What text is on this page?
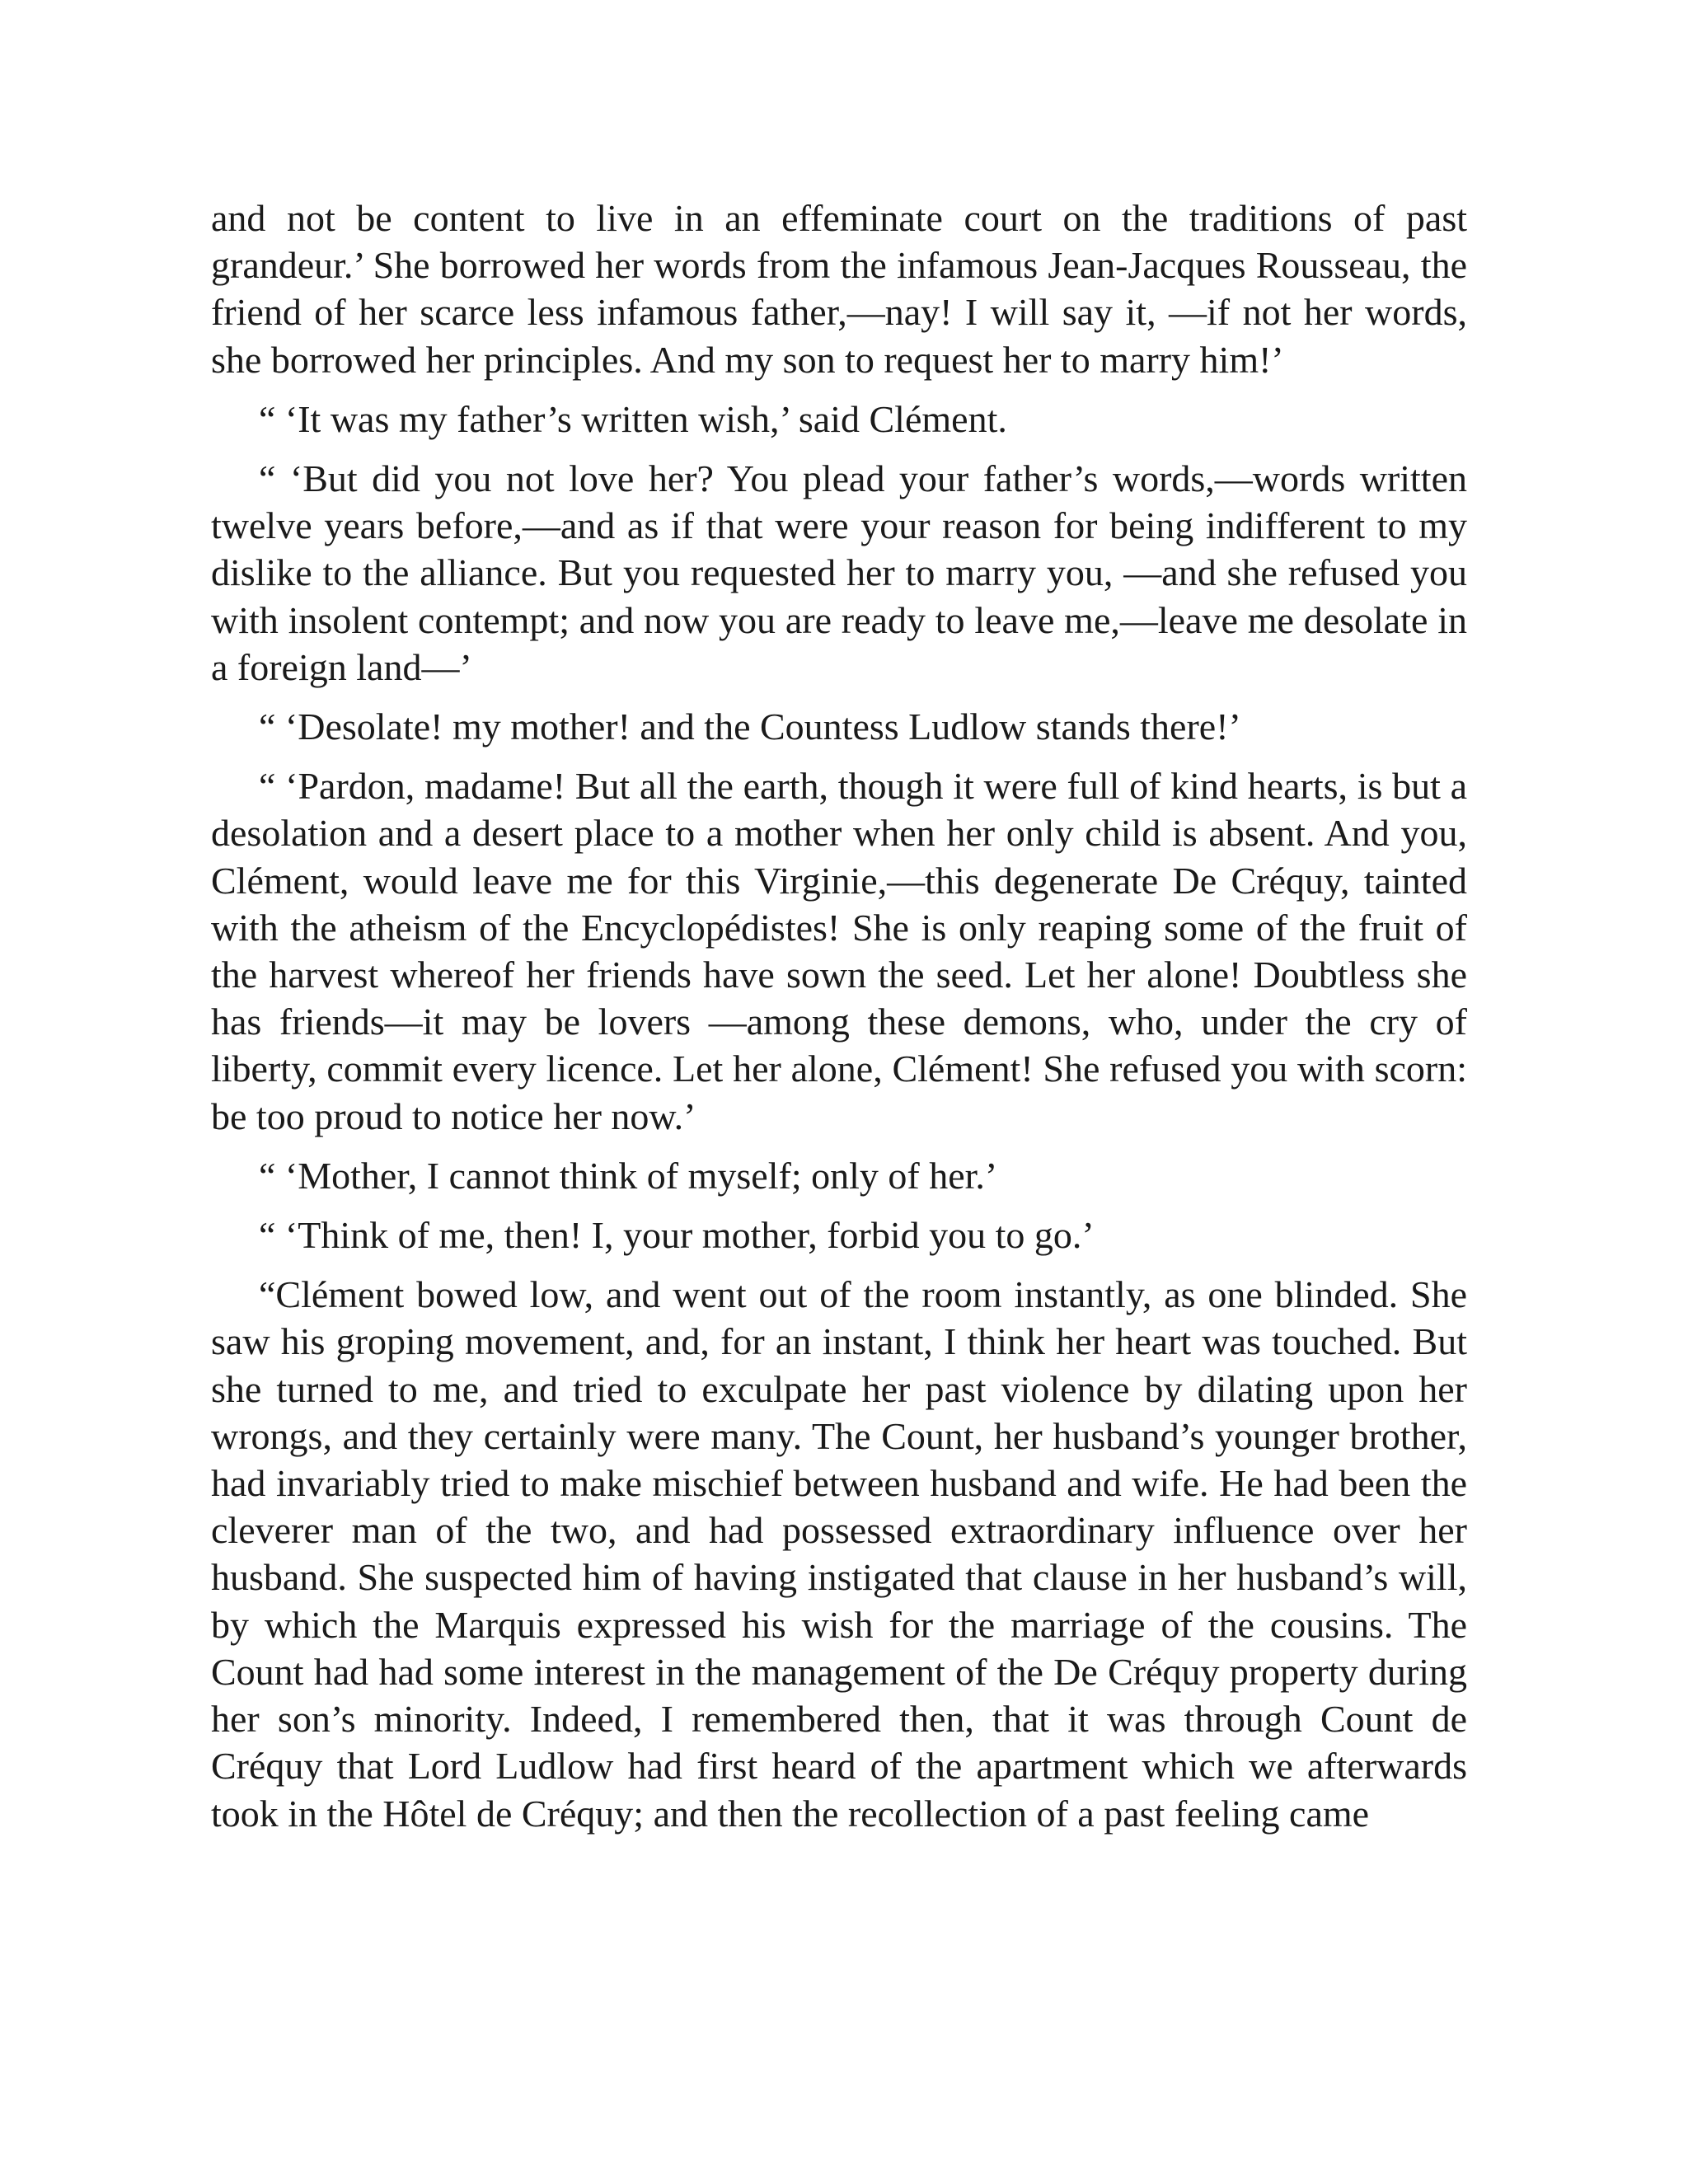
and not be content to live in an effeminate court on the traditions of past grandeur.’ She borrowed her words from the infamous Jean-Jacques Rousseau, the friend of her scarce less infamous father,—nay! I will say it, —if not her words, she borrowed her principles. And my son to request her to marry him!’

“ ‘It was my father’s written wish,’ said Clément.

“ ‘But did you not love her? You plead your father’s words,—words written twelve years before,—and as if that were your reason for being indifferent to my dislike to the alliance. But you requested her to marry you, —and she refused you with insolent contempt; and now you are ready to leave me,—leave me desolate in a foreign land—’

“ ‘Desolate! my mother! and the Countess Ludlow stands there!’

“ ‘Pardon, madame! But all the earth, though it were full of kind hearts, is but a desolation and a desert place to a mother when her only child is absent. And you, Clément, would leave me for this Virginie,—this degenerate De Créquy, tainted with the atheism of the Encyclopédistes! She is only reaping some of the fruit of the harvest whereof her friends have sown the seed. Let her alone! Doubtless she has friends—it may be lovers —among these demons, who, under the cry of liberty, commit every licence. Let her alone, Clément! She refused you with scorn: be too proud to notice her now.’

“ ‘Mother, I cannot think of myself; only of her.’

“ ‘Think of me, then! I, your mother, forbid you to go.’

“Clément bowed low, and went out of the room instantly, as one blinded. She saw his groping movement, and, for an instant, I think her heart was touched. But she turned to me, and tried to exculpate her past violence by dilating upon her wrongs, and they certainly were many. The Count, her husband’s younger brother, had invariably tried to make mischief between husband and wife. He had been the cleverer man of the two, and had possessed extraordinary influence over her husband. She suspected him of having instigated that clause in her husband’s will, by which the Marquis expressed his wish for the marriage of the cousins. The Count had had some interest in the management of the De Créquy property during her son’s minority. Indeed, I remembered then, that it was through Count de Créquy that Lord Ludlow had first heard of the apartment which we afterwards took in the Hôtel de Créquy; and then the recollection of a past feeling came
